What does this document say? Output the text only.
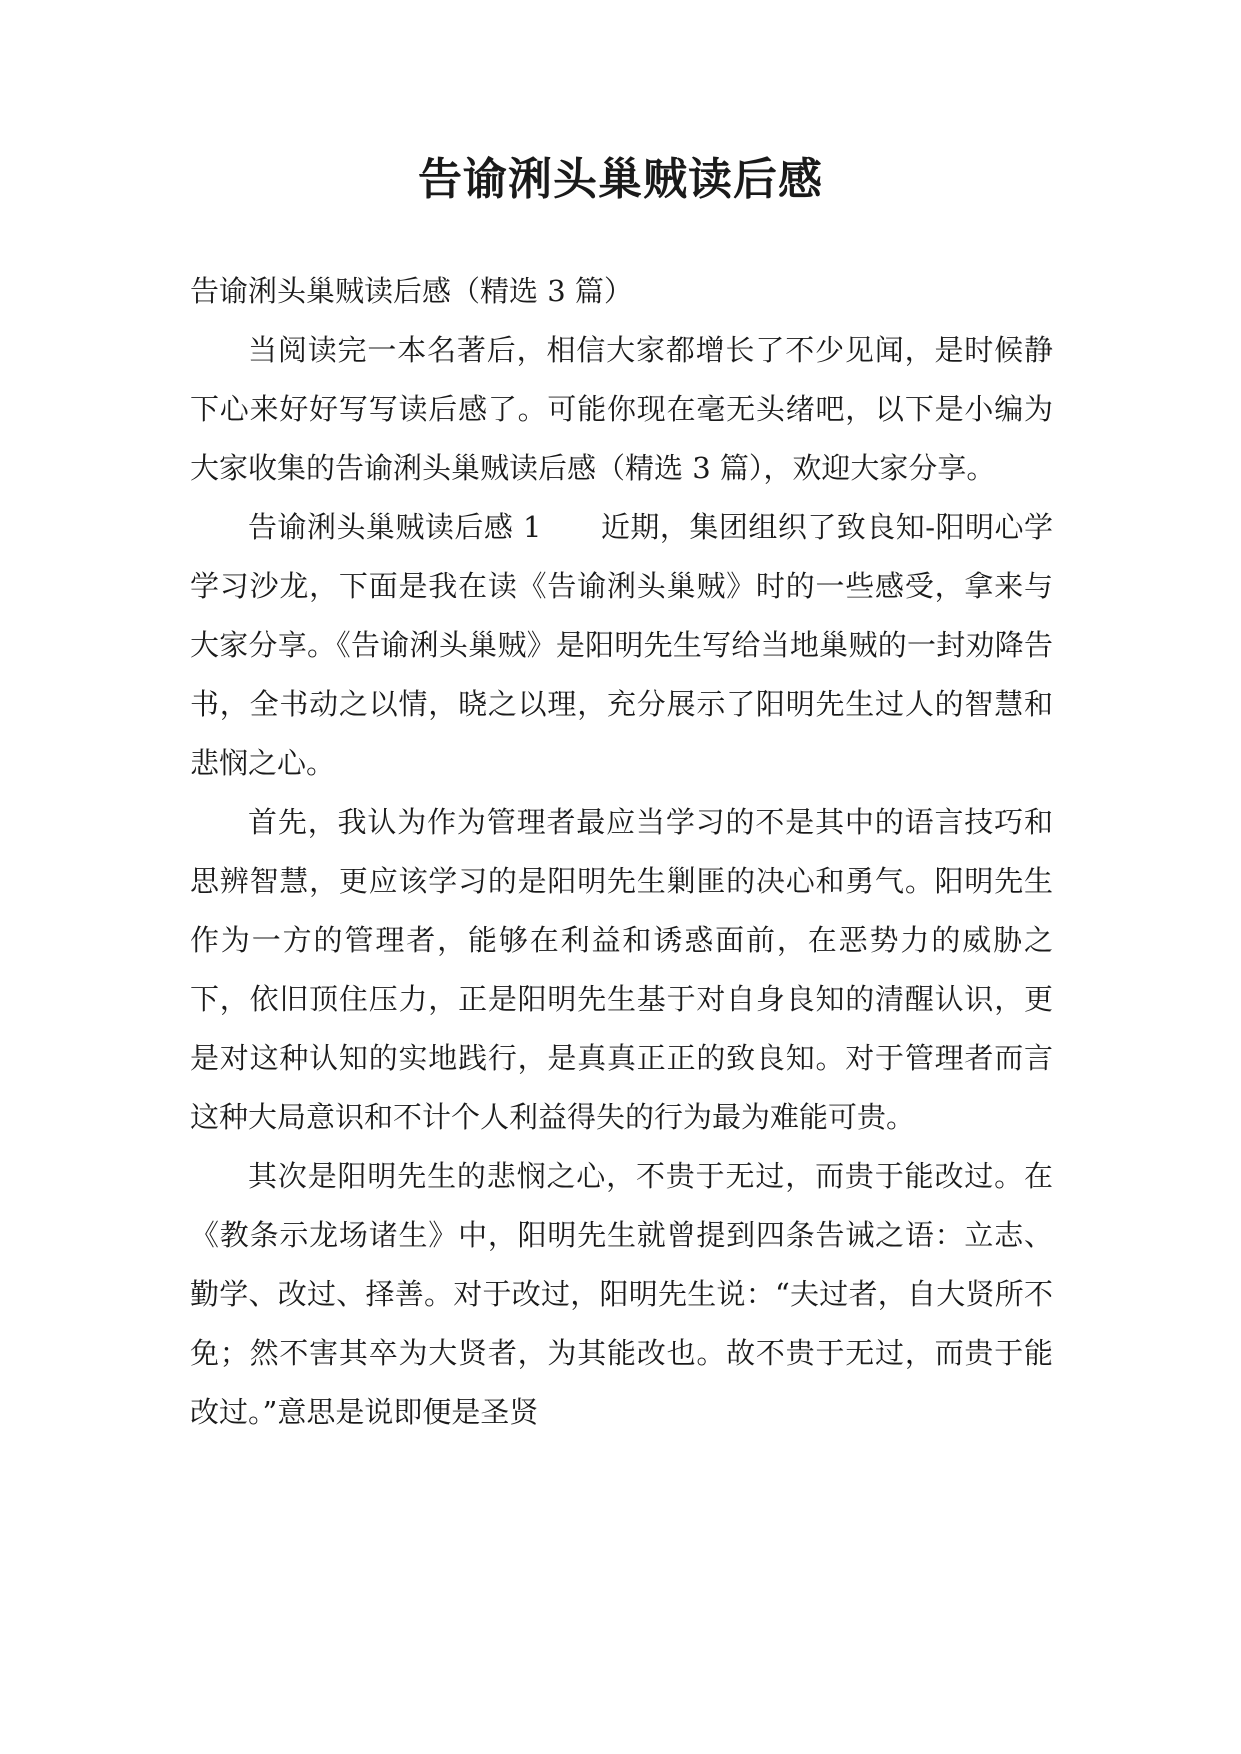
告谕浰头巢贼读后感

告谕浰头巢贼读后感（精选 3 篇）

当阅读完一本名著后，相信大家都增长了不少见闻，是时候静下心来好好写写读后感了。可能你现在毫无头绪吧，以下是小编为大家收集的告谕浰头巢贼读后感（精选 3 篇），欢迎大家分享。

告谕浰头巢贼读后感 1　　近期，集团组织了致良知-阳明心学学习沙龙，下面是我在读《告谕浰头巢贼》时的一些感受，拿来与大家分享。《告谕浰头巢贼》是阳明先生写给当地巢贼的一封劝降告书，全书动之以情，晓之以理，充分展示了阳明先生过人的智慧和悲悯之心。

首先，我认为作为管理者最应当学习的不是其中的语言技巧和思辨智慧，更应该学习的是阳明先生剿匪的决心和勇气。阳明先生作为一方的管理者，能够在利益和诱惑面前，在恶势力的威胁之下，依旧顶住压力，正是阳明先生基于对自身良知的清醒认识，更是对这种认知的实地践行，是真真正正的致良知。对于管理者而言这种大局意识和不计个人利益得失的行为最为难能可贵。

其次是阳明先生的悲悯之心，不贵于无过，而贵于能改过。在《教条示龙场诸生》中，阳明先生就曾提到四条告诫之语：立志、勤学、改过、择善。对于改过，阳明先生说：“夫过者，自大贤所不免；然不害其卒为大贤者，为其能改也。故不贵于无过，而贵于能改过。”意思是说即便是圣贤
